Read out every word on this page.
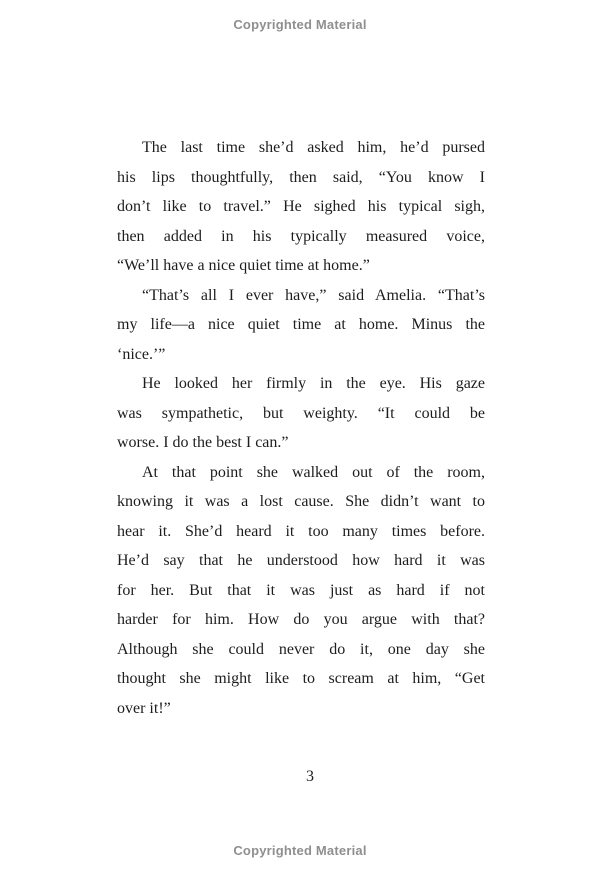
Copyrighted Material
The last time she’d asked him, he’d pursed
his lips thoughtfully, then said, “You know I
don’t like to travel.” He sighed his typical sigh,
then added in his typically measured voice,
“We’ll have a nice quiet time at home.”
“That’s all I ever have,” said Amelia. “That’s
my life—a nice quiet time at home. Minus the
‘nice.’”
He looked her firmly in the eye. His gaze
was sympathetic, but weighty. “It could be
worse. I do the best I can.”
At that point she walked out of the room,
knowing it was a lost cause. She didn’t want to
hear it. She’d heard it too many times before.
He’d say that he understood how hard it was
for her. But that it was just as hard if not
harder for him. How do you argue with that?
Although she could never do it, one day she
thought she might like to scream at him, “Get
over it!”
3
Copyrighted Material
